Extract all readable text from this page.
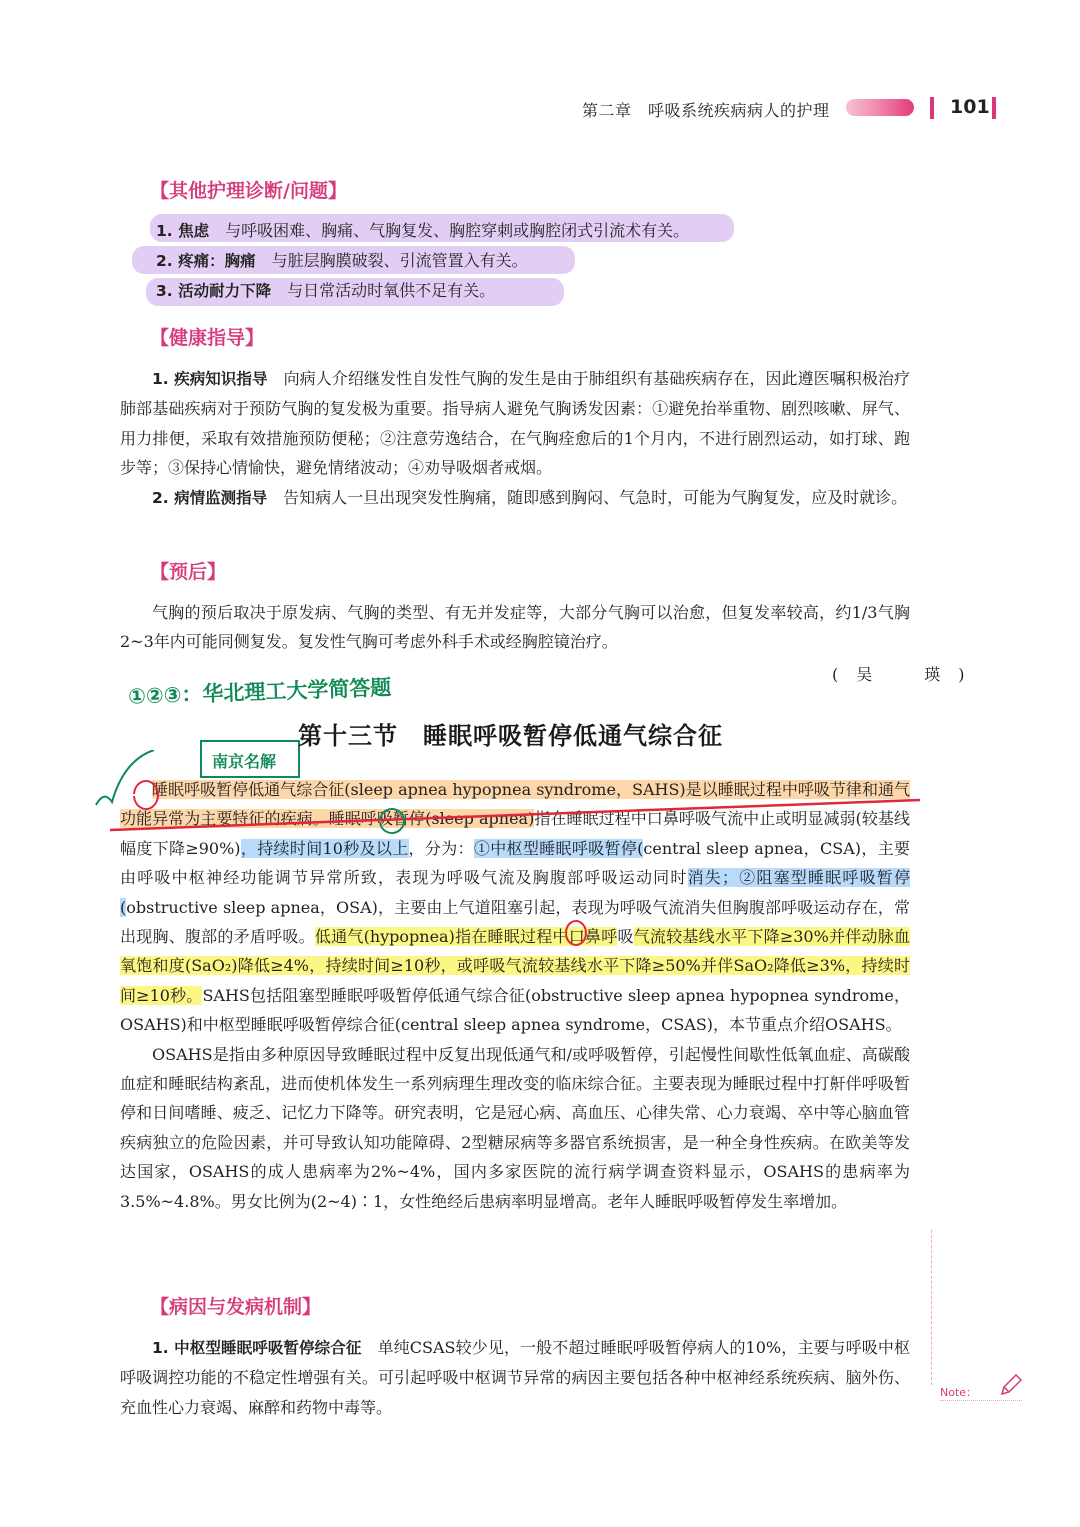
第二章　呼吸系统疾病病人的护理	101
【其他护理诊断/问题】
1. 焦虑　 与呼吸困难、胸痛、气胸复发、胸腔穿刺或胸腔闭式引流术有关。
2. 疼痛：胸痛　 与脏层胸膜破裂、引流管置入有关。
3. 活动耐力下降　 与日常活动时氧供不足有关。
【健康指导】

1. 疾病知识指导　 向病人介绍继发性自发性气胸的发生是由于肺组织有基础疾病存在，因此遵医嘱积极治疗肺部基础疾病对于预防气胸的复发极为重要。指导病人避免气胸诱发因素：①避免抬举重物、剧烈咳嗽、屏气、用力排便，采取有效措施预防便秘；②注意劳逸结合，在气胸痊愈后的1个月内，不进行剧烈运动，如打球、跑步等；③保持心情愉快，避免情绪波动；④劝导吸烟者戒烟。

2. 病情监测指导　 告知病人一旦出现突发性胸痛，随即感到胸闷、气急时，可能为气胸复发，应及时就诊。

【预后】

气胸的预后取决于原发病、气胸的类型、有无并发症等，大部分气胸可以治愈，但复发率较高，约1/3气胸2~3年内可能同侧复发。复发性气胸可考虑外科手术或经胸腔镜治疗。

(吴　瑛)
①②③：华北理工大学简答题
南京名解
第十三节　睡眠呼吸暂停低通气综合征

睡眠呼吸暂停低通气综合征(sleep apnea hypopnea syndrome，SAHS)是以睡眠过程中呼吸节律和通气功能异常为主要特征的疾病。睡眠呼吸暂停(sleep apnea)指在睡眠过程中口鼻呼吸气流中止或明显减弱(较基线幅度下降≥90%)，持续时间10秒及以上，分为：①中枢型睡眠呼吸暂停(central sleep apnea，CSA)，主要由呼吸中枢神经功能调节异常所致，表现为呼吸气流及胸腹部呼吸运动同时消失；②阻塞型睡眠呼吸暂停(obstructive sleep apnea，OSA)，主要由上气道阻塞引起，表现为呼吸气流消失但胸腹部呼吸运动存在，常出现胸、腹部的矛盾呼吸。低通气(hypopnea)指在睡眠过程中口鼻呼吸气流较基线水平下降≥30%并伴动脉血氧饱和度(SaO₂)降低≥4%，持续时间≥10秒，或呼吸气流较基线水平下降≥50%并伴SaO₂降低≥3%，持续时间≥10秒。SAHS包括阻塞型睡眠呼吸暂停低通气综合征(obstructive sleep apnea hypopnea syndrome，OSAHS)和中枢型睡眠呼吸暂停综合征(central sleep apnea syndrome，CSAS)，本节重点介绍OSAHS。

OSAHS是指由多种原因导致睡眠过程中反复出现低通气和/或呼吸暂停，引起慢性间歇性低氧血症、高碳酸血症和睡眠结构紊乱，进而使机体发生一系列病理生理改变的临床综合征。主要表现为睡眠过程中打鼾伴呼吸暂停和日间嗜睡、疲乏、记忆力下降等。研究表明，它是冠心病、高血压、心律失常、心力衰竭、卒中等心脑血管疾病独立的危险因素，并可导致认知功能障碍、2型糖尿病等多器官系统损害，是一种全身性疾病。在欧美等发达国家，OSAHS的成人患病率为2%~4%，国内多家医院的流行病学调查资料显示，OSAHS的患病率为3.5%~4.8%。男女比例为(2~4)∶1，女性绝经后患病率明显增高。老年人睡眠呼吸暂停发生率增加。

【病因与发病机制】

1. 中枢型睡眠呼吸暂停综合征　 单纯CSAS较少见，一般不超过睡眠呼吸暂停病人的10%，主要与呼吸中枢呼吸调控功能的不稳定性增强有关。可引起呼吸中枢调节异常的病因主要包括各种中枢神经系统疾病、脑外伤、充血性心力衰竭、麻醉和药物中毒等。

Note：
